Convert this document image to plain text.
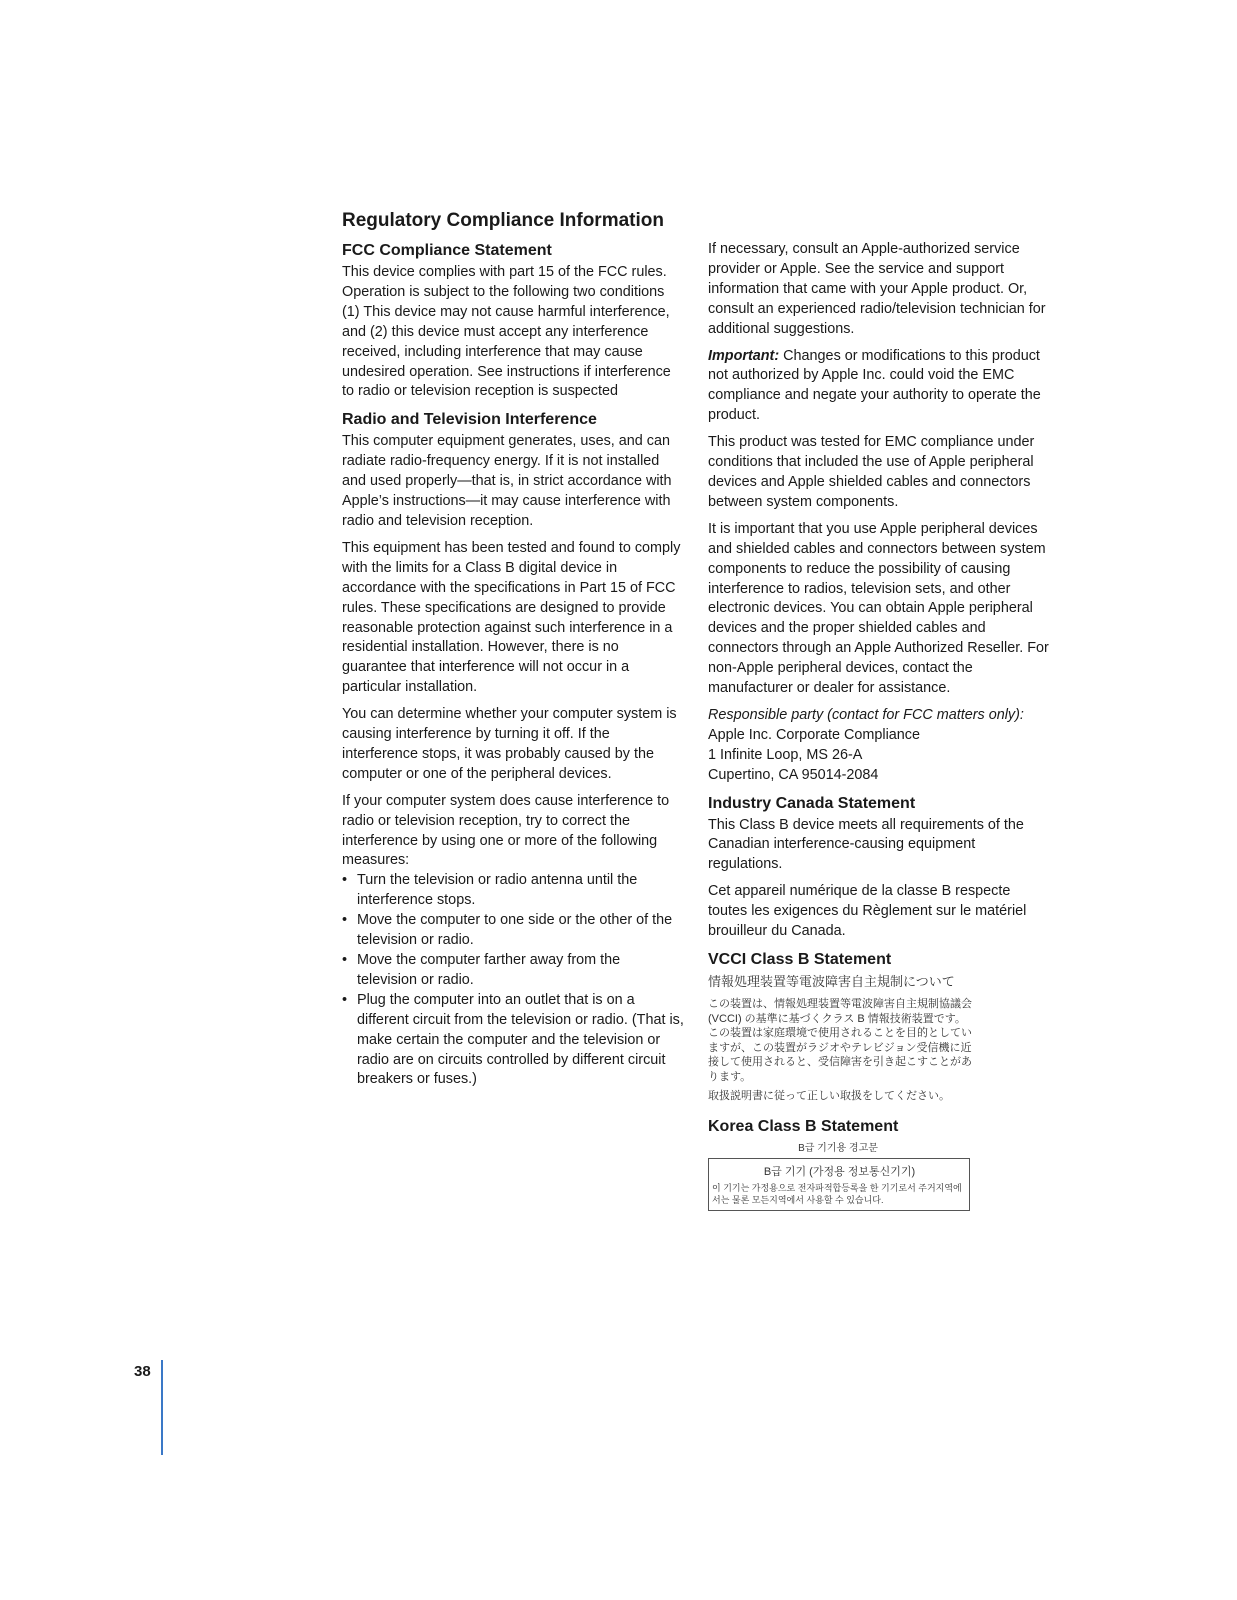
Regulatory Compliance Information
FCC Compliance Statement

This device complies with part 15 of the FCC rules. Operation is subject to the following two conditions (1) This device may not cause harmful interference, and (2) this device must accept any interference received, including interference that may cause undesired operation. See instructions if interference to radio or television reception is suspected

Radio and Television Interference

This computer equipment generates, uses, and can radiate radio-frequency energy. If it is not installed and used properly—that is, in strict accordance with Apple’s instructions—it may cause interference with radio and television reception.

This equipment has been tested and found to comply with the limits for a Class B digital device in accordance with the specifications in Part 15 of FCC rules. These specifications are designed to provide reasonable protection against such interference in a residential installation. However, there is no guarantee that interference will not occur in a particular installation.

You can determine whether your computer system is causing interference by turning it off. If the interference stops, it was probably caused by the computer or one of the peripheral devices.

If your computer system does cause interference to radio or television reception, try to correct the interference by using one or more of the following measures:

• Turn the television or radio antenna until the interference stops.
• Move the computer to one side or the other of the television or radio.
• Move the computer farther away from the television or radio.
• Plug the computer into an outlet that is on a different circuit from the television or radio. (That is, make certain the computer and the television or radio are on circuits controlled by different circuit breakers or fuses.)

If necessary, consult an Apple-authorized service provider or Apple. See the service and support information that came with your Apple product. Or, consult an experienced radio/television technician for additional suggestions.

Important: Changes or modifications to this product not authorized by Apple Inc. could void the EMC compliance and negate your authority to operate the product.

This product was tested for EMC compliance under conditions that included the use of Apple peripheral devices and Apple shielded cables and connectors between system components.

It is important that you use Apple peripheral devices and shielded cables and connectors between system components to reduce the possibility of causing interference to radios, television sets, and other electronic devices. You can obtain Apple peripheral devices and the proper shielded cables and connectors through an Apple Authorized Reseller. For non-Apple peripheral devices, contact the manufacturer or dealer for assistance.

Responsible party (contact for FCC matters only):

Apple Inc. Corporate Compliance

1 Infinite Loop, MS 26-A

Cupertino, CA 95014-2084

Industry Canada Statement

This Class B device meets all requirements of the Canadian interference-causing equipment regulations.

Cet appareil numérique de la classe B respecte toutes les exigences du Règlement sur le matériel brouilleur du Canada.

VCCI Class B Statement
情報処理装置等電波障害自主規制について
この装置は、情報処理装置等電波障害自主規制協議会 (VCCI) の基準に基づくクラス B 情報技術装置です。この装置は家庭環境で使用されることを目的としていますが、この装置がラジオやテレビジョン受信機に近接して使用されると、受信障害を引き起こすことがあります。
取扱説明書に従って正しい取扱をしてください。
Korea Class B Statement
B급 기기용 경고문
B급 기기 (가정용 정보통신기기)
이 기기는 가정용으로 전자파적합등록을 한 기기로서 주거지역에서는 물론 모든지역에서 사용할 수 있습니다.
38
